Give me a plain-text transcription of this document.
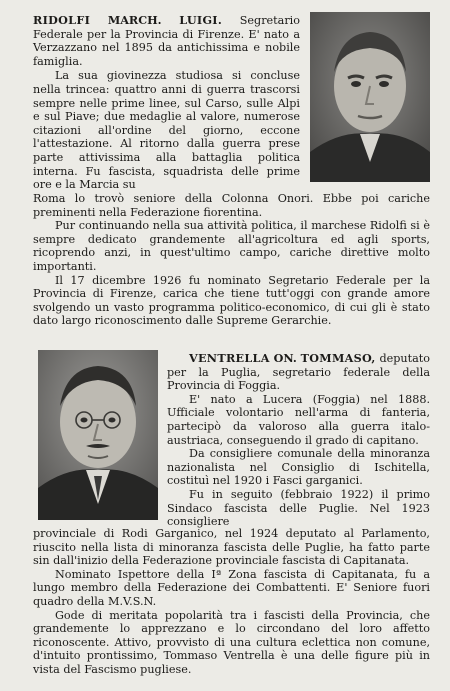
RIDOLFI MARCH. LUIGI. Segretario Federale per la Provincia di Firenze. E' nato a Verzazzano nel 1895 da antichissima e nobile famiglia.

La sua giovinezza studiosa si concluse nella trincea: quattro anni di guerra trascorsi sempre nelle prime linee, sul Carso, sulle Alpi e sul Piave; due medaglie al valore, numerose citazioni all'ordine del giorno, eccone l'attestazione. Al ritorno dalla guerra prese parte attivissima alla battaglia politica interna. Fu fascista, squadrista delle prime ore e la Marcia su

Roma lo trovò seniore della Colonna Onori. Ebbe poi cariche preminenti nella Federazione fiorentina.

Pur continuando nella sua attività politica, il marchese Ridolfi si è sempre dedicato grandemente all'agricoltura ed agli sports, ricoprendo anzi, in quest'ultimo campo, cariche direttive molto importanti.

Il 17 dicembre 1926 fu nominato Segretario Federale per la Provincia di Firenze, carica che tiene tutt'oggi con grande amore svolgendo un vasto programma politico-economico, di cui gli è stato dato largo riconoscimento dalle Supreme Gerarchie.

VENTRELLA ON. TOMMASO, deputato per la Puglia, segretario federale della Provincia di Foggia.

E' nato a Lucera (Foggia) nel 1888. Ufficiale volontario nell'arma di fanteria, partecipò da valoroso alla guerra italo-austriaca, conseguendo il grado di capitano.

Da consigliere comunale della minoranza nazionalista nel Consiglio di Ischitella, costituì nel 1920 i Fasci garganici.

Fu in seguito (febbraio 1922) il primo Sindaco fascista delle Puglie. Nel 1923 consigliere

provinciale di Rodi Garganico, nel 1924 deputato al Parlamento, riuscito nella lista di minoranza fascista delle Puglie, ha fatto parte sin dall'inizio della Federazione provinciale fascista di Capitanata.

Nominato Ispettore della Iª Zona fascista di Capitanata, fu a lungo membro della Federazione dei Combattenti. E' Seniore fuori quadro della M.V.S.N.

Gode di meritata popolarità tra i fascisti della Provincia, che grandemente lo apprezzano e lo circondano del loro affetto riconoscente. Attivo, provvisto di una cultura eclettica non comune, d'intuito prontissimo, Tommaso Ventrella è una delle figure più in vista del Fascismo pugliese.
